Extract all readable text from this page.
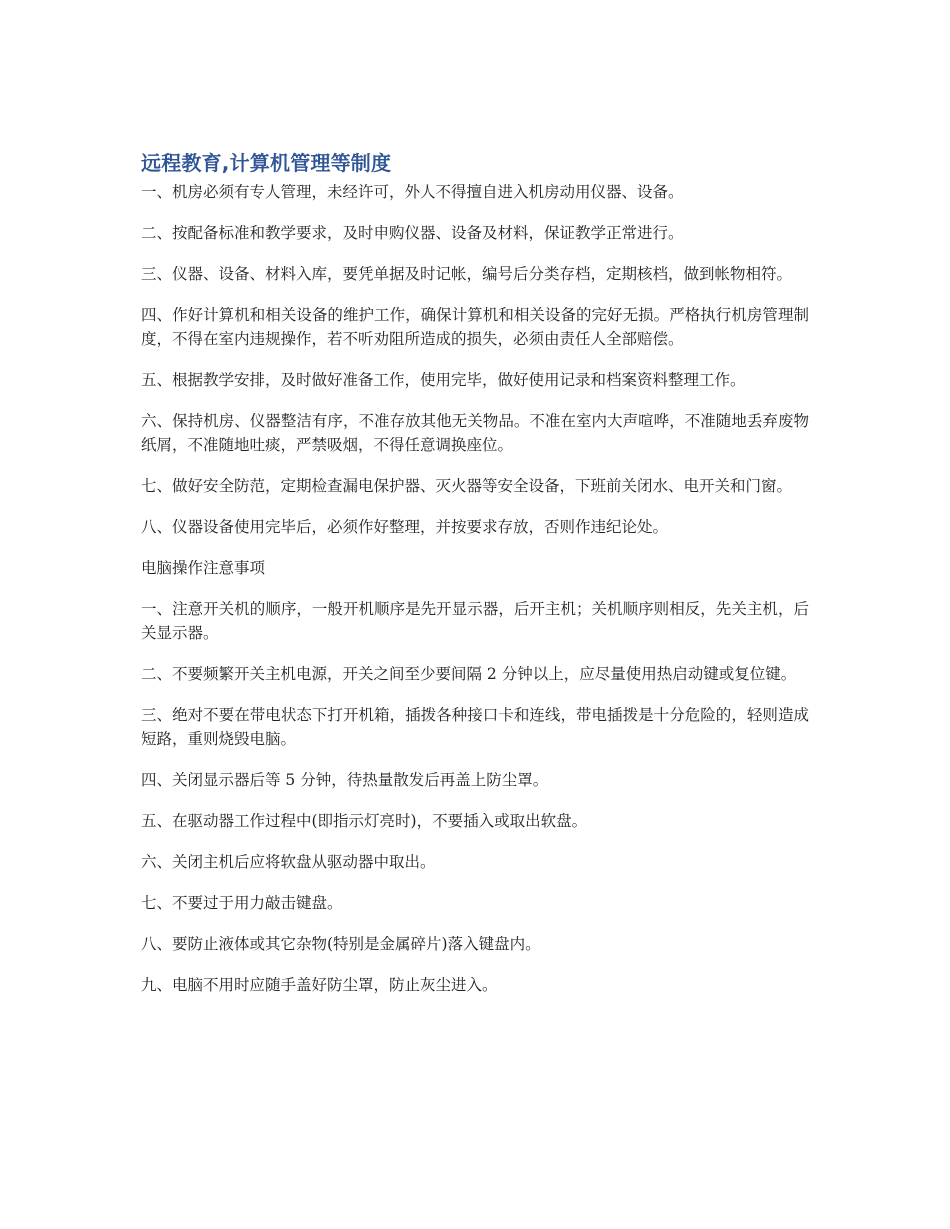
远程教育,计算机管理等制度

一、机房必须有专人管理，未经许可，外人不得擅自进入机房动用仪器、设备。

二、按配备标准和教学要求，及时申购仪器、设备及材料，保证教学正常进行。

三、仪器、设备、材料入库，要凭单据及时记帐，编号后分类存档，定期核档，做到帐物相符。

四、作好计算机和相关设备的维护工作，确保计算机和相关设备的完好无损。严格执行机房管理制度，不得在室内违规操作，若不听劝阻所造成的损失，必须由责任人全部赔偿。

五、根据教学安排，及时做好准备工作，使用完毕，做好使用记录和档案资料整理工作。

六、保持机房、仪器整洁有序，不准存放其他无关物品。不准在室内大声喧哗，不准随地丢弃废物纸屑，不准随地吐痰，严禁吸烟，不得任意调换座位。

七、做好安全防范，定期检查漏电保护器、灭火器等安全设备，下班前关闭水、电开关和门窗。

八、仪器设备使用完毕后，必须作好整理，并按要求存放，否则作违纪论处。

电脑操作注意事项

一、注意开关机的顺序，一般开机顺序是先开显示器，后开主机；关机顺序则相反，先关主机，后关显示器。

二、不要频繁开关主机电源，开关之间至少要间隔 2 分钟以上，应尽量使用热启动键或复位键。

三、绝对不要在带电状态下打开机箱，插拨各种接口卡和连线，带电插拨是十分危险的，轻则造成短路，重则烧毁电脑。

四、关闭显示器后等 5 分钟，待热量散发后再盖上防尘罩。

五、在驱动器工作过程中(即指示灯亮时)，不要插入或取出软盘。

六、关闭主机后应将软盘从驱动器中取出。

七、不要过于用力敲击键盘。

八、要防止液体或其它杂物(特别是金属碎片)落入键盘内。

九、电脑不用时应随手盖好防尘罩，防止灰尘进入。
